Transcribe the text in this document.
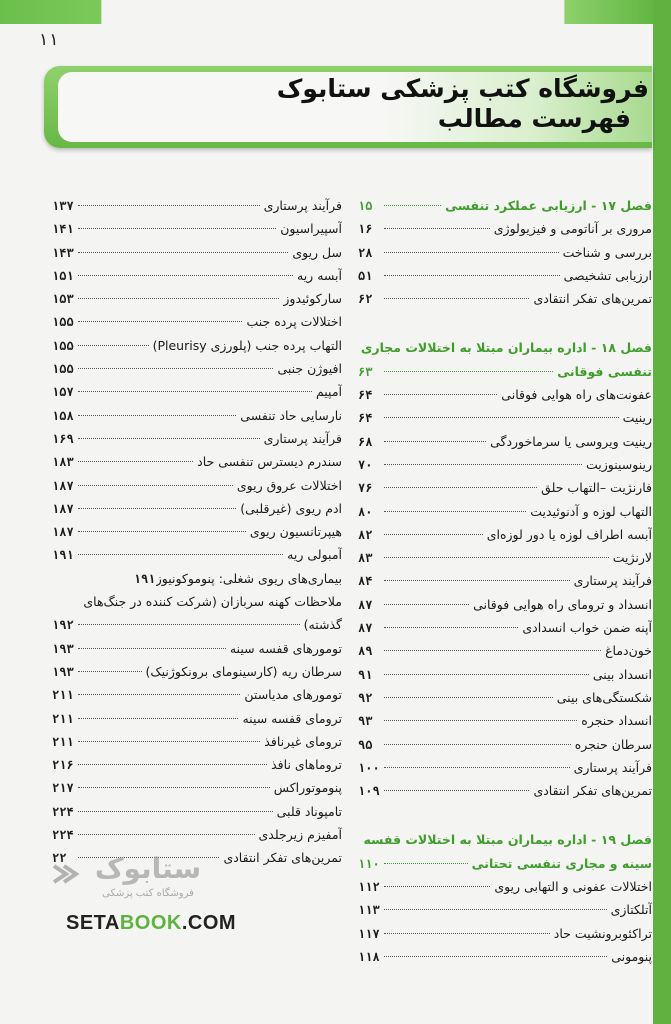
۱۱
فروشگاه کتب پزشکی ستابوک
فهرست مطالب
فصل ۱۷ - ارزیابی عملکرد تنفسی
۱۵
مروری بر آناتومی و فیزیولوژی
۱۶
بررسی و شناخت
۲۸
ارزیابی تشخیصی
۵۱
تمرین‌های تفکر انتقادی
۶۲
فصل ۱۸ - اداره بیماران مبتلا به اختلالات مجاری
تنفسی فوقانی
۶۳
عفونت‌های راه هوایی فوقانی
۶۴
رینیت
۶۴
رینیت ویروسی یا سرماخوردگی
۶۸
رینوسینوزیت
۷۰
فارنژیت –التهاب حلق
۷۶
التهاب لوزه و آدنوئیدیت
۸۰
آبسه اطراف لوزه یا دور لوزه‌ای
۸۲
لارنژیت
۸۳
فرآیند پرستاری
۸۴
انسداد و ترومای راه هوایی فوقانی
۸۷
آپنه ضمن خواب انسدادی
۸۷
خون‌دماغ
۸۹
انسداد بینی
۹۱
شکستگی‌های بینی
۹۲
انسداد حنجره
۹۳
سرطان حنجره
۹۵
فرآیند پرستاری
۱۰۰
تمرین‌های تفکر انتقادی
۱۰۹
فصل ۱۹ - اداره بیماران مبتلا به اختلالات قفسه
سینه و مجاری تنفسی تحتانی
۱۱۰
اختلالات عفونی و التهابی ریوی
۱۱۲
آتلکتازی
۱۱۳
تراکئوبرونشیت حاد
۱۱۷
پنومونی
۱۱۸
فرآیند پرستاری
۱۳۷
آسپیراسیون
۱۴۱
سل ریوی
۱۴۳
آبسه ریه
۱۵۱
سارکوئیدوز
۱۵۳
اختلالات پرده جنب
۱۵۵
التهاب پرده جنب (پلورزی Pleurisy)
۱۵۵
افیوژن جنبی
۱۵۵
آمپیم
۱۵۷
نارسایی حاد تنفسی
۱۵۸
فرآیند پرستاری
۱۶۹
سندرم دیسترس تنفسی حاد
۱۸۳
اختلالات عروق ریوی
۱۸۷
ادم ریوی (غیرقلبی)
۱۸۷
هیپرتانسیون ریوی
۱۸۷
آمبولی ریه
۱۹۱
بیماری‌های ریوی شغلی: پنوموکونیوز
۱۹۱
ملاحظات کهنه سربازان (شرکت کننده در جنگ‌های
گذشته)
۱۹۲
تومورهای قفسه سینه
۱۹۳
سرطان ریه (کارسینومای برونکوژنیک)
۱۹۳
تومورهای مدیاستن
۲۱۱
ترومای قفسه سینه
۲۱۱
ترومای غیرنافذ
۲۱۱
تروماهای نافذ
۲۱۶
پنوموتوراکس
۲۱۷
تامپوناد قلبی
۲۲۴
آمفیزم زیرجلدی
۲۲۴
تمرین‌های تفکر انتقادی
۲۲ ستابوک
فروشگاه کتب پزشکی
SETABOOK.COM
